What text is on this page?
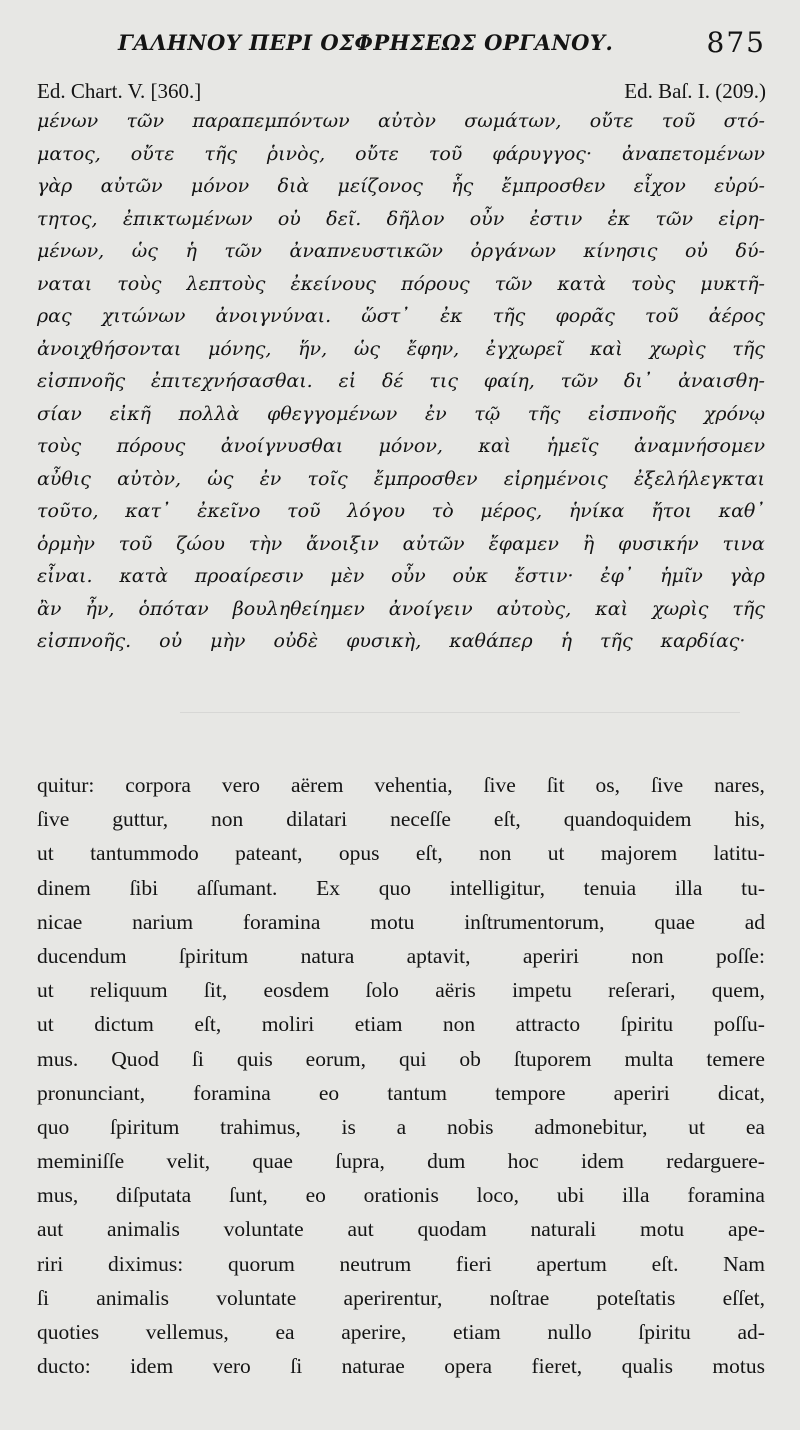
ΓΑΛΗΝΟΥ ΠΕΡΙ ΟΣΦΡΗΣΕΩΣ ΟΡΓΑΝΟΥ.	875
Ed. Chart. V. [360.]	Ed. Baſ. I. (209.)
μένων τῶν παραπεμπόντων αὐτὸν σωμάτων, οὔτε τοῦ στό-
ματος, οὔτε τῆς ῥινὸς, οὔτε τοῦ φάρυγγος· ἀναπετομένων
γὰρ αὐτῶν μόνον διὰ μείζονος ἧς ἔμπροσθεν εἶχον εὐρύ-
τητος, ἐπικτωμένων οὐ δεῖ. δῆλον οὖν ἐστιν ἐκ τῶν εἰρη-
μένων, ὡς ἡ τῶν ἀναπνευστικῶν ὀργάνων κίνησις οὐ δύ-
ναται τοὺς λεπτοὺς ἐκείνους πόρους τῶν κατὰ τοὺς μυκτῆ-
ρας χιτώνων ἀνοιγνύναι. ὥστ᾽ ἐκ τῆς φορᾶς τοῦ ἀέρος
ἀνοιχθήσονται μόνης, ἥν, ὡς ἔφην, ἐγχωρεῖ καὶ χωρὶς τῆς
εἰσπνοῆς ἐπιτεχνήσασθαι. εἰ δέ τις φαίη, τῶν δι᾽ ἀναισθη-
σίαν εἰκῆ πολλὰ φθεγγομένων ἐν τῷ τῆς εἰσπνοῆς χρόνῳ
τοὺς πόρους ἀνοίγνυσθαι μόνον, καὶ ἡμεῖς ἀναμνήσομεν
αὖθις αὐτὸν, ὡς ἐν τοῖς ἔμπροσθεν εἰρημένοις ἐξελήλεγκται
τοῦτο, κατ᾽ ἐκεῖνο τοῦ λόγου τὸ μέρος, ἡνίκα ἤτοι καθ᾽
ὁρμὴν τοῦ ζώου τὴν ἄνοιξιν αὐτῶν ἔφαμεν ἢ φυσικήν τινα
εἶναι. κατὰ προαίρεσιν μὲν οὖν οὐκ ἔστιν· ἐφ᾽ ἡμῖν γὰρ
ἂν ἦν, ὁπόταν βουληθείημεν ἀνοίγειν αὐτοὺς, καὶ χωρὶς τῆς
εἰσπνοῆς. οὐ μὴν οὐδὲ φυσικὴ, καθάπερ ἡ τῆς καρδίας·
quitur: corpora vero aërem vehentia, ſive ſit os, ſive nares,
ſive guttur, non dilatari neceſſe eſt, quandoquidem his,
ut tantummodo pateant, opus eſt, non ut majorem latitu-
dinem ſibi aſſumant. Ex quo intelligitur, tenuia illa tu-
nicae narium foramina motu inſtrumentorum, quae ad
ducendum ſpiritum natura aptavit, aperiri non poſſe:
ut reliquum ſit, eosdem ſolo aëris impetu reſerari, quem,
ut dictum eſt, moliri etiam non attracto ſpiritu poſſu-
mus. Quod ſi quis eorum, qui ob ſtuporem multa temere
pronunciant, foramina eo tantum tempore aperiri dicat,
quo ſpiritum trahimus, is a nobis admonebitur, ut ea
meminiſſe velit, quae ſupra, dum hoc idem redarguere-
mus, diſputata ſunt, eo orationis loco, ubi illa foramina
aut animalis voluntate aut quodam naturali motu ape-
riri diximus: quorum neutrum fieri apertum eſt. Nam
ſi animalis voluntate aperirentur, noſtrae poteſtatis eſſet,
quoties vellemus, ea aperire, etiam nullo ſpiritu ad-
ducto: idem vero ſi naturae opera fieret, qualis motus
